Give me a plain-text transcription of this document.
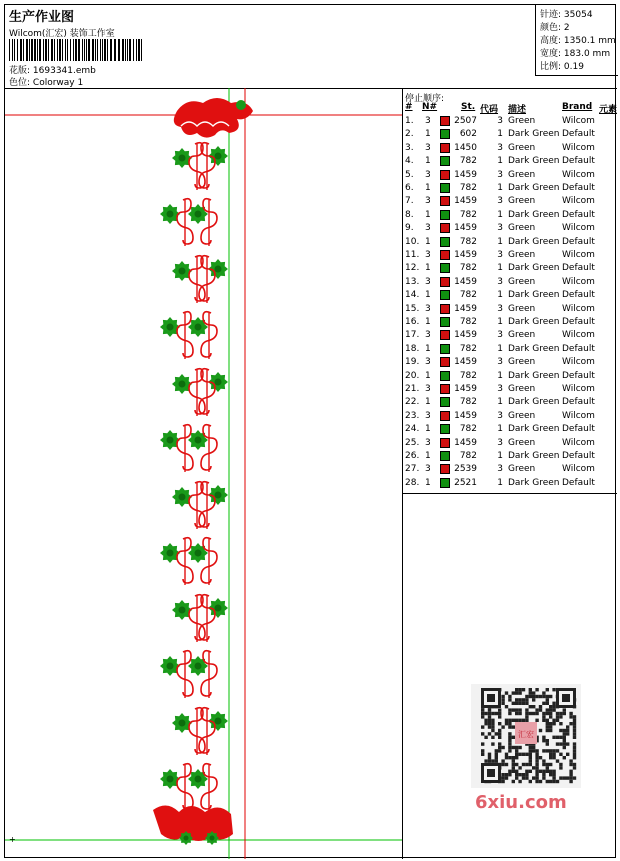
生产作业图
Wilcom(汇宏) 装饰工作室
花版: 1693341.emb
色位: Colorway 1
针迹: 35054
颜色: 2
高度: 1350.1 mm
宽度: 183.0 mm
比例: 0.19
+
停止顺序:
# N#	St. 代码 描述	Brand 元素
1. 3	2507 3 Green	Wilcom
2. 1	602 1 Dark Green Default
3. 3	1450 3 Green	Wilcom
4. 1	782 1 Dark Green Default
5. 3	1459 3 Green	Wilcom
6. 1	782 1 Dark Green Default
7. 3	1459 3 Green	Wilcom
8. 1	782 1 Dark Green Default
9. 3	1459 3 Green	Wilcom
10. 1	782 1 Dark Green Default
11. 3	1459 3 Green	Wilcom
12. 1	782 1 Dark Green Default
13. 3	1459 3 Green	Wilcom
14. 1	782 1 Dark Green Default
15. 3	1459 3 Green	Wilcom
16. 1	782 1 Dark Green Default
17. 3	1459 3 Green	Wilcom
18. 1	782 1 Dark Green Default
19. 3	1459 3 Green	Wilcom
20. 1	782 1 Dark Green Default
21. 3	1459 3 Green	Wilcom
22. 1	782 1 Dark Green Default
23. 3	1459 3 Green	Wilcom
24. 1	782 1 Dark Green Default
25. 3	1459 3 Green	Wilcom
26. 1	782 1 Dark Green Default
27. 3	2539 3 Green	Wilcom
28. 1	2521 1 Dark Green Default
汇宏
6xiu.com
